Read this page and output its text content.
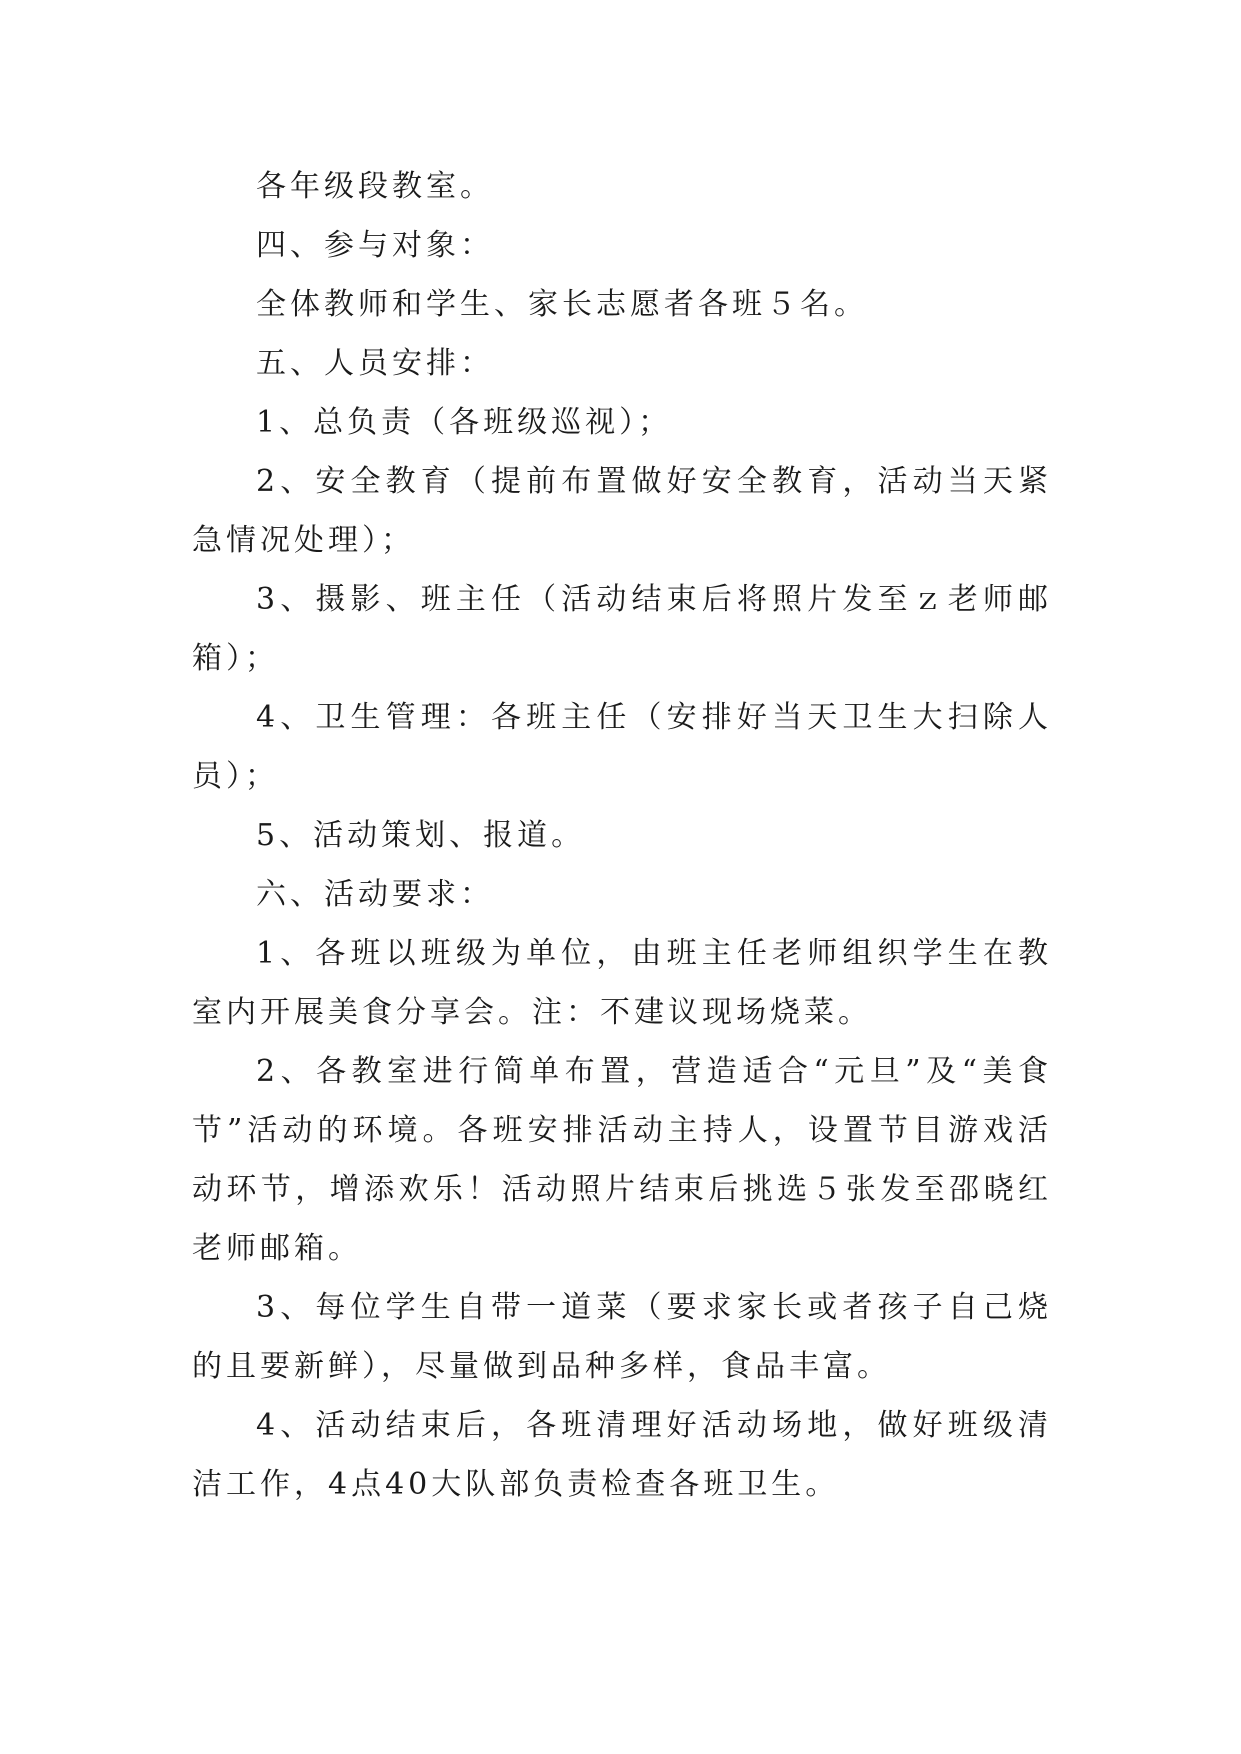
各年级段教室。

四、参与对象：

全体教师和学生、家长志愿者各班５名。

五、人员安排：

1、总负责（各班级巡视）；

2、安全教育（提前布置做好安全教育，活动当天紧急情况处理）；

3、摄影、班主任（活动结束后将照片发至ｚ老师邮箱）；

4、卫生管理：各班主任（安排好当天卫生大扫除人员）；

5、活动策划、报道。

六、活动要求：

1、各班以班级为单位，由班主任老师组织学生在教室内开展美食分享会。注：不建议现场烧菜。

2、各教室进行简单布置，营造适合“元旦”及“美食节”活动的环境。各班安排活动主持人，设置节目游戏活动环节，增添欢乐！活动照片结束后挑选５张发至邵晓红老师邮箱。

3、每位学生自带一道菜（要求家长或者孩子自己烧的且要新鲜），尽量做到品种多样，食品丰富。

4、活动结束后，各班清理好活动场地，做好班级清洁工作，4点40大队部负责检查各班卫生。
